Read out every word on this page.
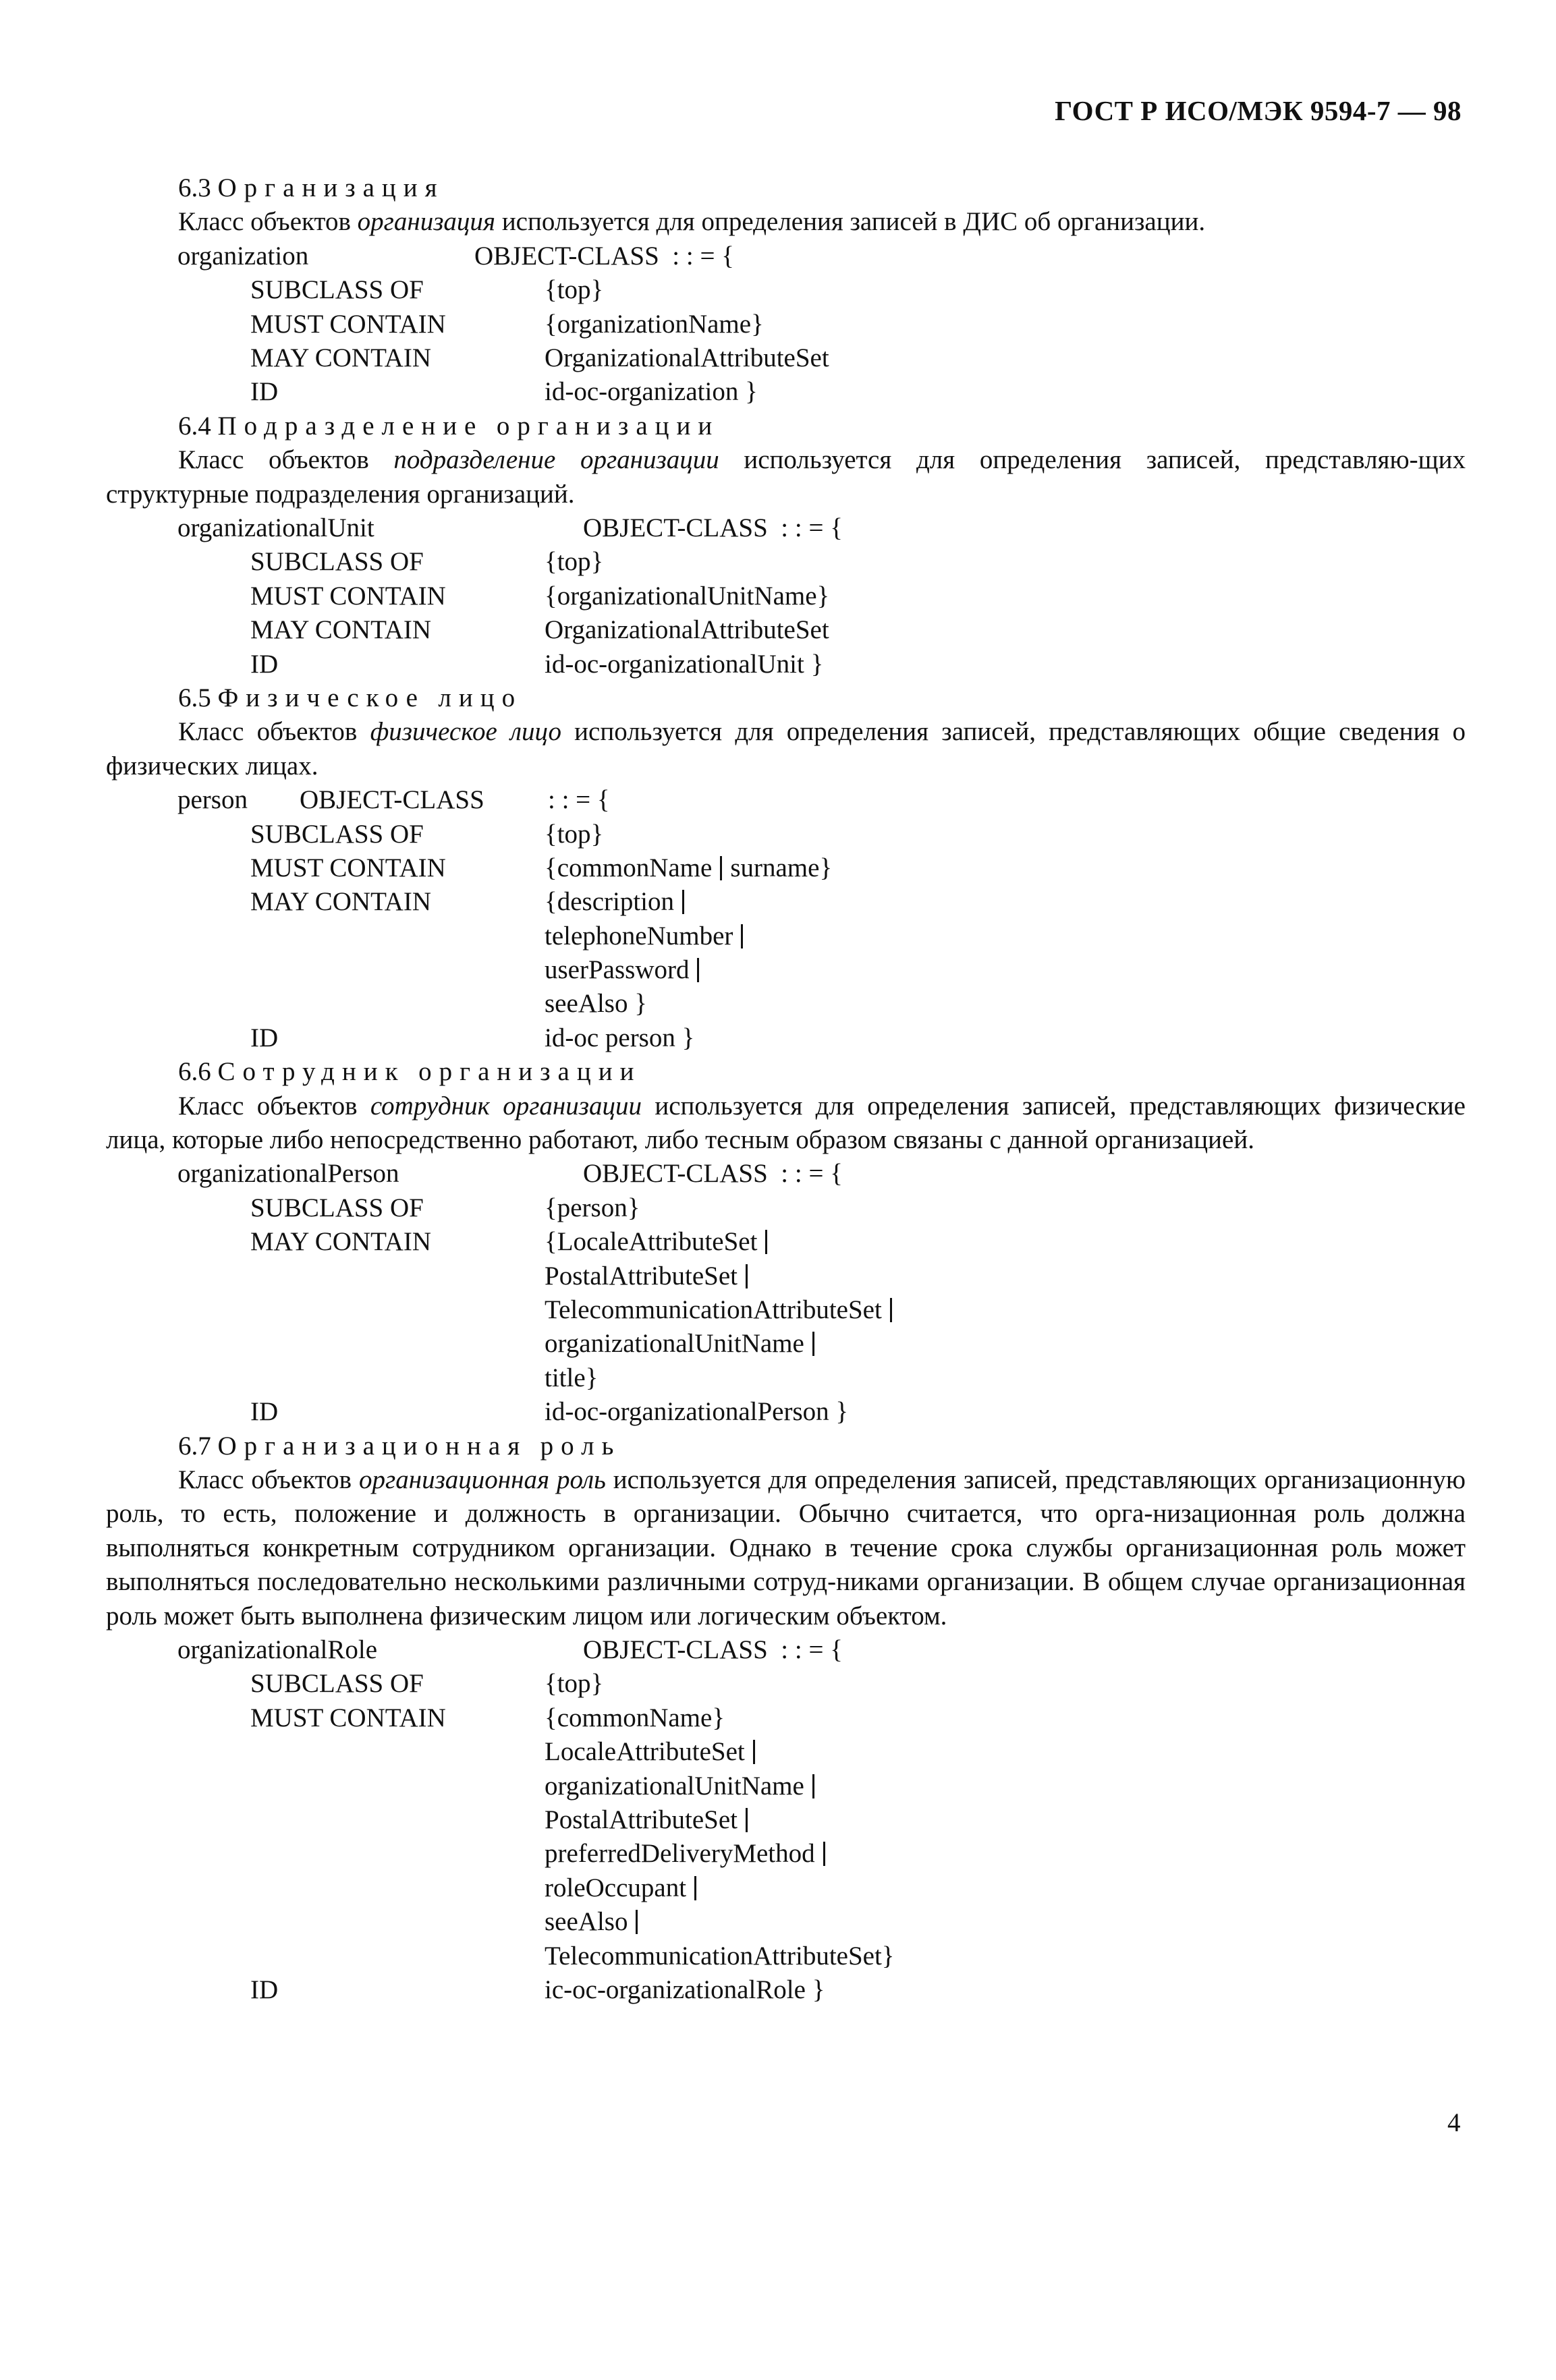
ГОСТ Р ИСО/МЭК 9594-7 — 98
6.3 Организация

Класс объектов организация используется для определения записей в ДИС об организации.

organization	OBJECT-CLASS  : : = {
SUBCLASS OF	{top}
MUST CONTAIN	{organizationName}
MAY CONTAIN	OrganizationalAttributeSet
ID	id-oc-organization }
6.4 Подразделение организации

Класс объектов подразделение организации используется для определения записей, представляю-щих структурные подразделения организаций.

organizationalUnit	OBJECT-CLASS  : : = {
SUBCLASS OF	{top}
MUST CONTAIN	{organizationalUnitName}
MAY CONTAIN	OrganizationalAttributeSet
ID	id-oc-organizationalUnit }
6.5 Физическое лицо

Класс объектов физическое лицо используется для определения записей, представляющих общие сведения о физических лицах.

person OBJECT-CLASS : : = {
SUBCLASS OF	{top}
MUST CONTAIN	{commonName surname}
MAY CONTAIN	{description
telephoneNumber
userPassword
seeAlso }
ID	id-oc person }
6.6 Сотрудник организации

Класс объектов сотрудник организации используется для определения записей, представляющих физические лица, которые либо непосредственно работают, либо тесным образом связаны с данной организацией.

organizationalPerson	OBJECT-CLASS  : : = {
SUBCLASS OF	{person}
MAY CONTAIN	{LocaleAttributeSet
PostalAttributeSet
TelecommunicationAttributeSet
organizationalUnitName
title}
ID	id-oc-organizationalPerson }
6.7 Организационная роль

Класс объектов организационная роль используется для определения записей, представляющих организационную роль, то есть, положение и должность в организации. Обычно считается, что орга-низационная роль должна выполняться конкретным сотрудником организации. Однако в течение срока службы организационная роль может выполняться последовательно несколькими различными сотруд-никами организации. В общем случае организационная роль может быть выполнена физическим лицом или логическим объектом.

organizationalRole	OBJECT-CLASS  : : = {
SUBCLASS OF	{top}
MUST CONTAIN	{commonName}
LocaleAttributeSet
organizationalUnitName
PostalAttributeSet
preferredDeliveryMethod
roleOccupant
seeAlso
TelecommunicationAttributeSet}
ID	ic-oc-organizationalRole }
4
